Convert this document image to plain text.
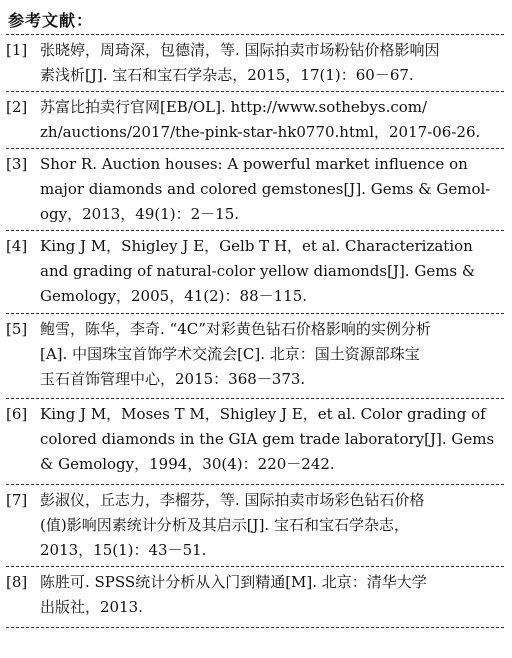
参考文献：
[1] 张晓婷，周琦深，包德清，等. 国际拍卖市场粉钻价格影响因
素浅析[J]. 宝石和宝石学杂志，2015，17(1)：60－67.
[2] 苏富比拍卖行官网[EB/OL]. http://www.sothebys.com/
zh/auctions/2017/the-pink-star-hk0770.html，2017-06-26.
[3] Shor R. Auction houses: A powerful market influence on
major diamonds and colored gemstones[J]. Gems & Gemol-
ogy，2013，49(1)：2－15.
[4] King J M，Shigley J E，Gelb T H，et al. Characterization
and grading of natural-color yellow diamonds[J]. Gems &
Gemology，2005，41(2)：88－115.
[5] 鲍雪，陈华，李奇. “4C”对彩黄色钻石价格影响的实例分析
[A]. 中国珠宝首饰学术交流会[C]. 北京：国土资源部珠宝
玉石首饰管理中心，2015：368－373.
[6] King J M，Moses T M，Shigley J E，et al. Color grading of
colored diamonds in the GIA gem trade laboratory[J]. Gems
& Gemology，1994，30(4)：220－242.
[7] 彭淑仪，丘志力，李榴芬，等. 国际拍卖市场彩色钻石价格
(值)影响因素统计分析及其启示[J]. 宝石和宝石学杂志，
2013，15(1)：43－51.
[8] 陈胜可. SPSS统计分析从入门到精通[M]. 北京：清华大学
出版社，2013.
